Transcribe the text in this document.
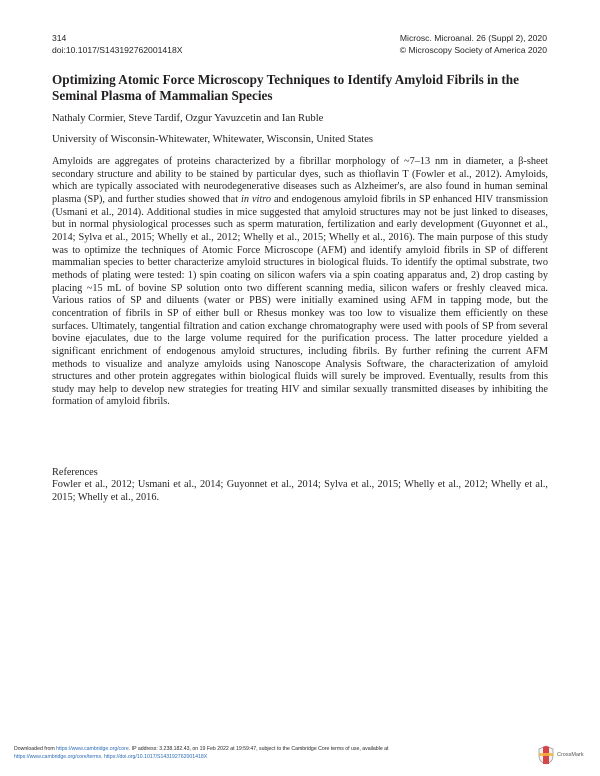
314
doi:10.1017/S143192762001418X
Microsc. Microanal. 26 (Suppl 2), 2020
© Microscopy Society of America 2020
Optimizing Atomic Force Microscopy Techniques to Identify Amyloid Fibrils in the Seminal Plasma of Mammalian Species
Nathaly Cormier, Steve Tardif, Ozgur Yavuzcetin and Ian Ruble
University of Wisconsin-Whitewater, Whitewater, Wisconsin, United States

Amyloids are aggregates of proteins characterized by a fibrillar morphology of ~7–13 nm in diameter, a β-sheet secondary structure and ability to be stained by particular dyes, such as thioflavin T (Fowler et al., 2012). Amyloids, which are typically associated with neurodegenerative diseases such as Alzheimer's, are also found in human seminal plasma (SP), and further studies showed that in vitro and endogenous amyloid fibrils in SP enhanced HIV transmission (Usmani et al., 2014). Additional studies in mice suggested that amyloid structures may not be just linked to diseases, but in normal physiological processes such as sperm maturation, fertilization and early development (Guyonnet et al., 2014; Sylva et al., 2015; Whelly et al., 2012; Whelly et al., 2015; Whelly et al., 2016). The main purpose of this study was to optimize the techniques of Atomic Force Microscope (AFM) and identify amyloid fibrils in SP of different mammalian species to better characterize amyloid structures in biological fluids. To identify the optimal substrate, two methods of plating were tested: 1) spin coating on silicon wafers via a spin coating apparatus and, 2) drop casting by placing ~15 mL of bovine SP solution onto two different scanning media, silicon wafers or freshly cleaved mica. Various ratios of SP and diluents (water or PBS) were initially examined using AFM in tapping mode, but the concentration of fibrils in SP of either bull or Rhesus monkey was too low to visualize them efficiently on these surfaces. Ultimately, tangential filtration and cation exchange chromatography were used with pools of SP from several bovine ejaculates, due to the large volume required for the purification process. The latter procedure yielded a significant enrichment of endogenous amyloid structures, including fibrils. By further refining the current AFM methods to visualize and analyze amyloids using Nanoscope Analysis Software, the characterization of amyloid structures and other protein aggregates within biological fluids will surely be improved. Eventually, results from this study may help to develop new strategies for treating HIV and similar sexually transmitted diseases by inhibiting the formation of amyloid fibrils.

References

Fowler et al., 2012; Usmani et al., 2014; Guyonnet et al., 2014; Sylva et al., 2015; Whelly et al., 2012; Whelly et al., 2015; Whelly et al., 2016.

Downloaded from https://www.cambridge.org/core. IP address: 3.238.182.43, on 19 Feb 2022 at 19:59:47, subject to the Cambridge Core terms of use, available at
https://www.cambridge.org/core/terms. https://doi.org/10.1017/S143192762001418X	CrossMark
